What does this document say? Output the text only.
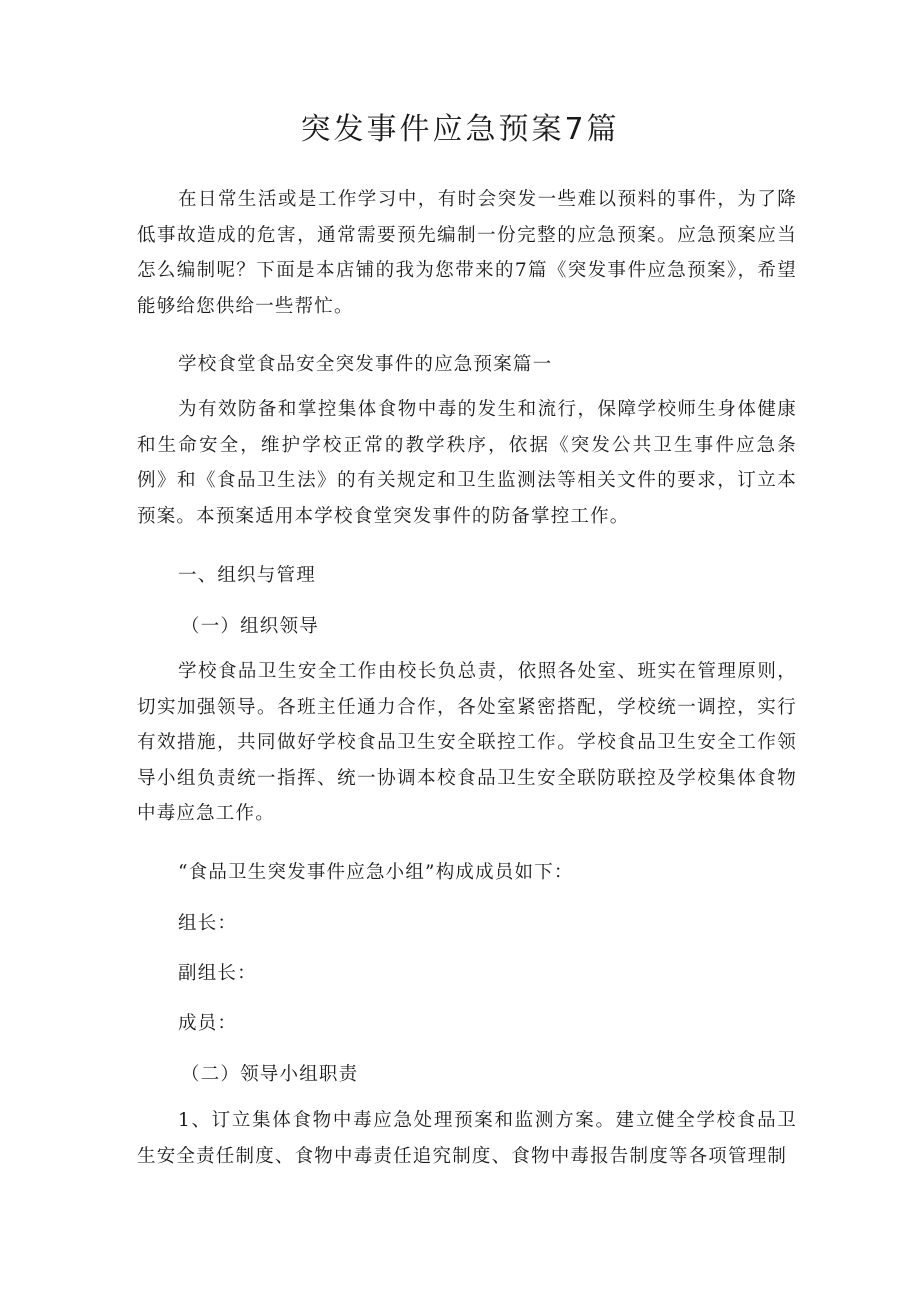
突发事件应急预案7篇

在日常生活或是工作学习中，有时会突发一些难以预料的事件，为了降低事故造成的危害，通常需要预先编制一份完整的应急预案。应急预案应当怎么编制呢？下面是本店铺的我为您带来的7篇《突发事件应急预案》，希望能够给您供给一些帮忙。

学校食堂食品安全突发事件的应急预案篇一

为有效防备和掌控集体食物中毒的发生和流行，保障学校师生身体健康和生命安全，维护学校正常的教学秩序，依据《突发公共卫生事件应急条例》和《食品卫生法》的有关规定和卫生监测法等相关文件的要求，订立本预案。本预案适用本学校食堂突发事件的防备掌控工作。

一、组织与管理

（一）组织领导

学校食品卫生安全工作由校长负总责，依照各处室、班实在管理原则，切实加强领导。各班主任通力合作，各处室紧密搭配，学校统一调控，实行有效措施，共同做好学校食品卫生安全联控工作。学校食品卫生安全工作领导小组负责统一指挥、统一协调本校食品卫生安全联防联控及学校集体食物中毒应急工作。

“食品卫生突发事件应急小组”构成成员如下：

组长：

副组长：

成员：

（二）领导小组职责

1、订立集体食物中毒应急处理预案和监测方案。建立健全学校食品卫生安全责任制度、食物中毒责任追究制度、食物中毒报告制度等各项管理制
